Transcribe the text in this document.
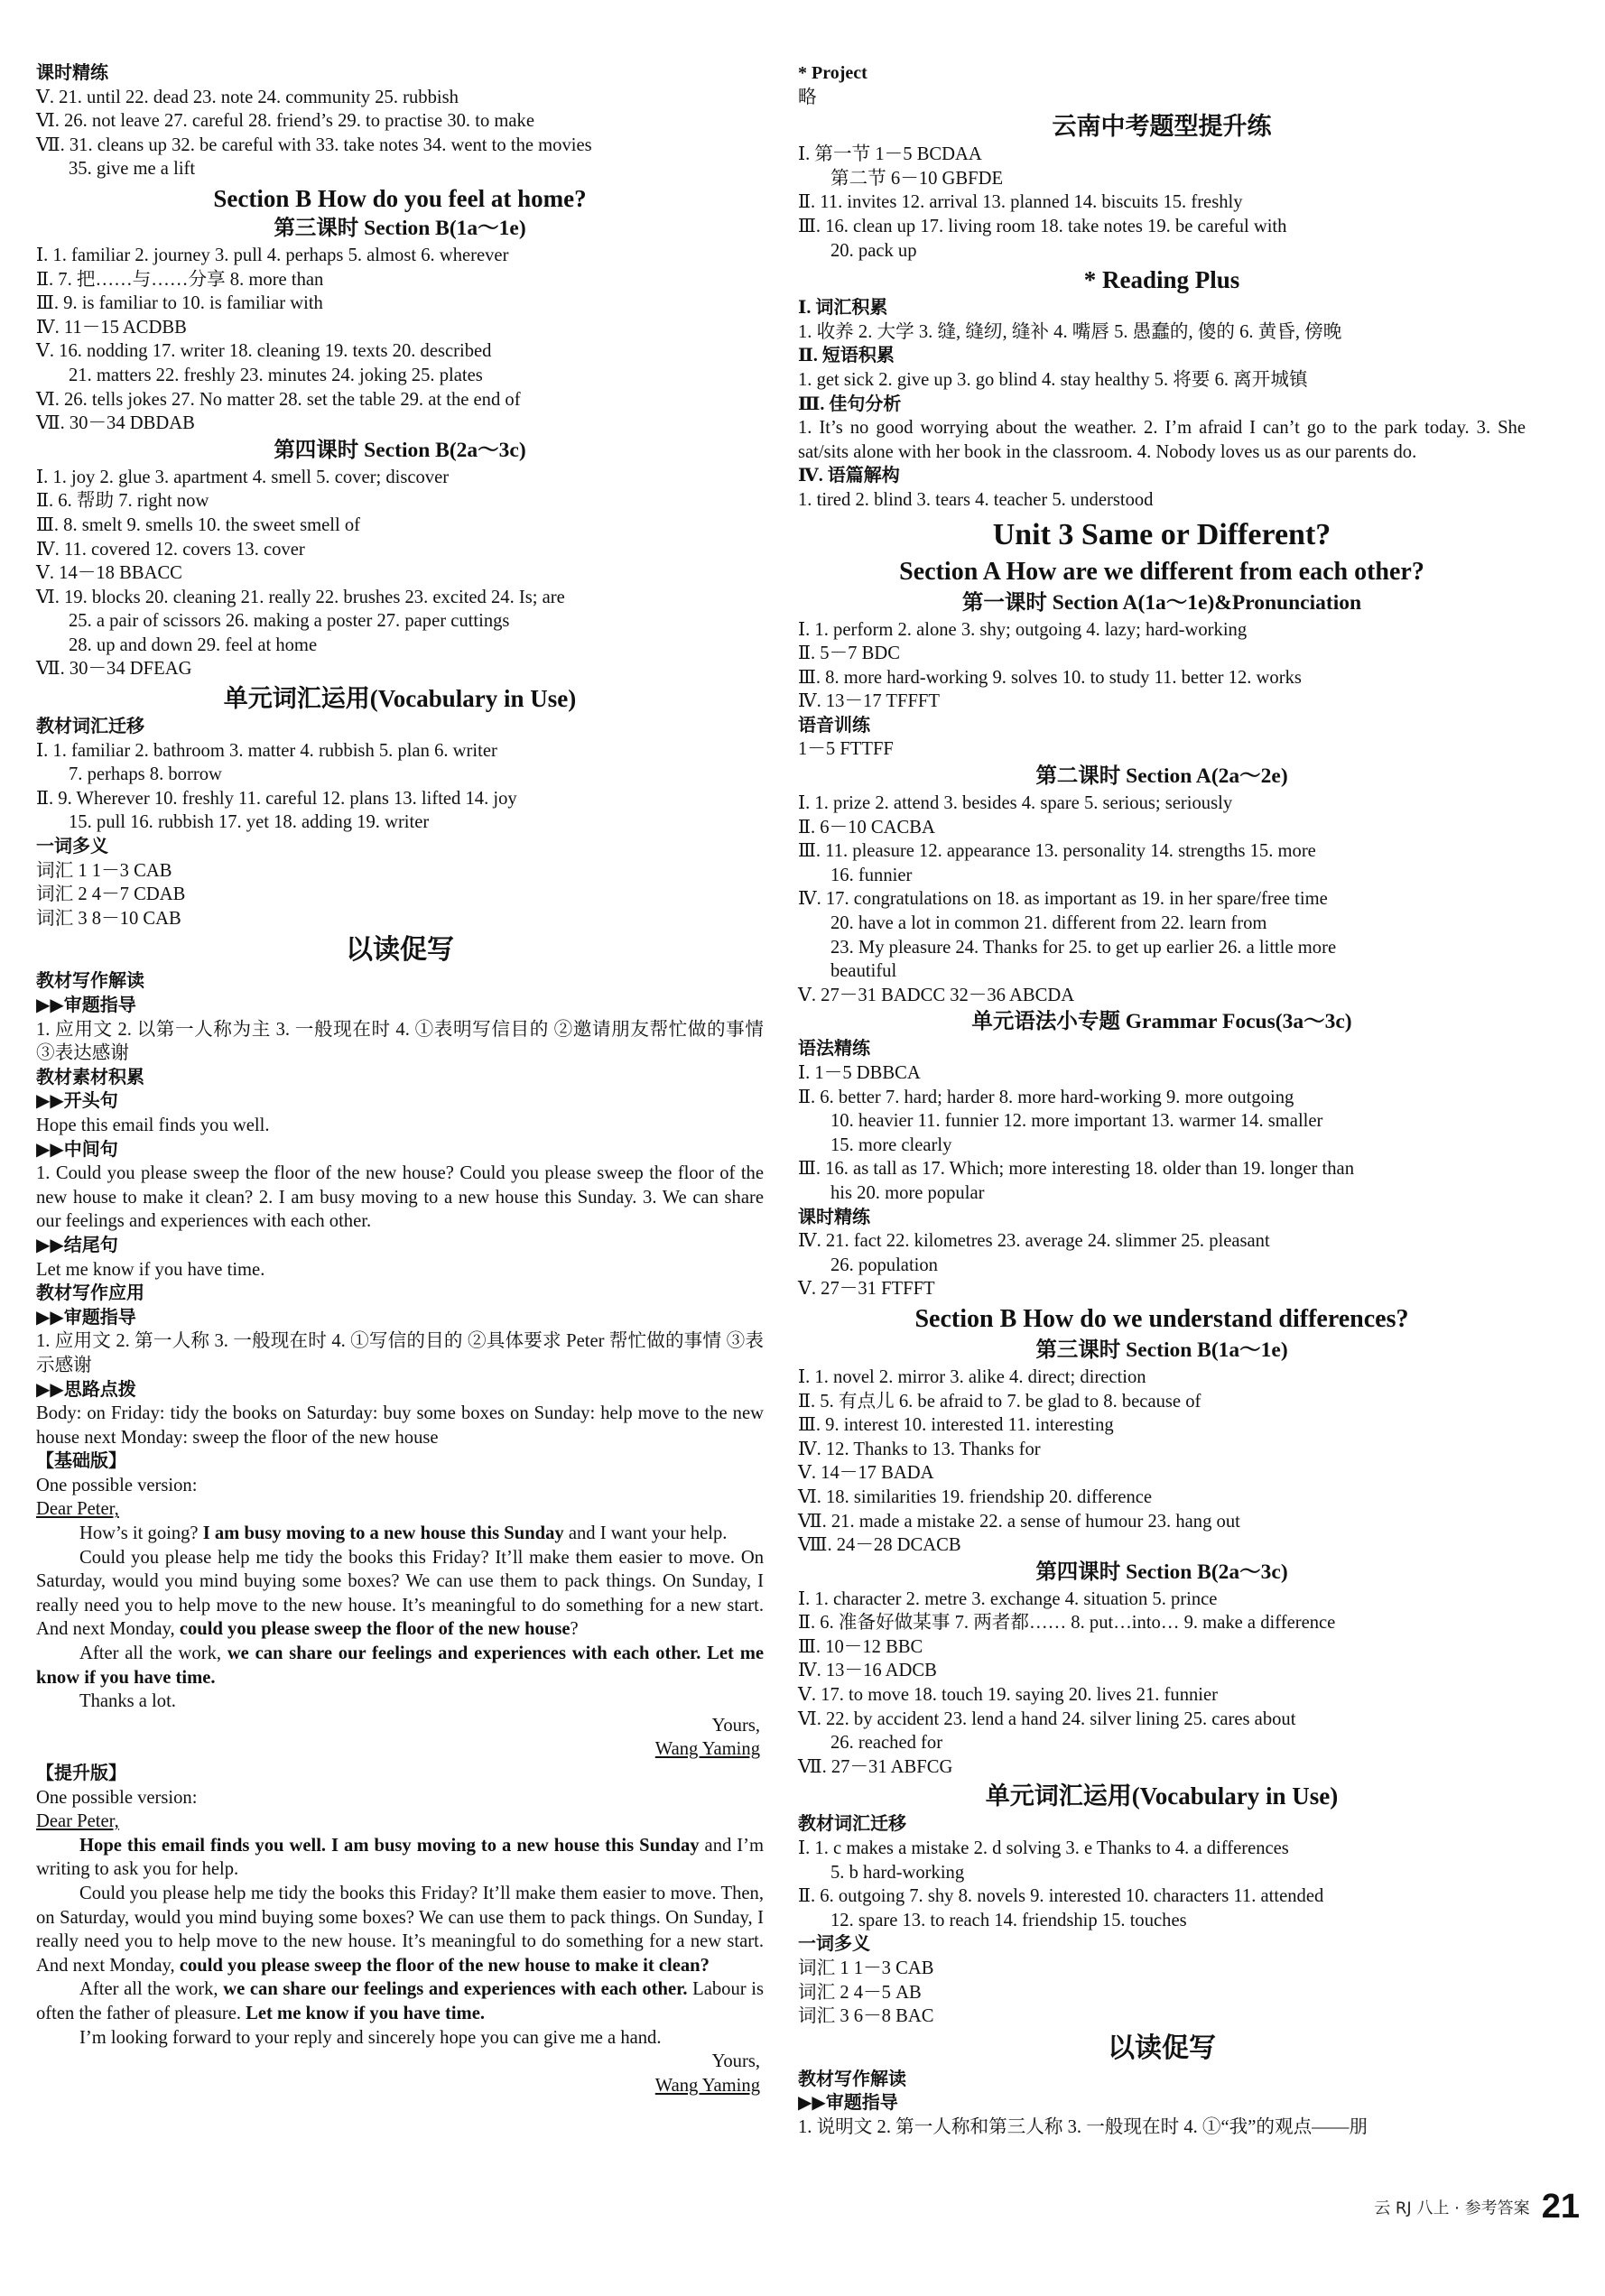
课时精练
Ⅴ. 21. until 22. dead 23. note 24. community 25. rubbish
Ⅵ. 26. not leave 27. careful 28. friend’s 29. to practise 30. to make
Ⅶ. 31. cleans up 32. be careful with 33. take notes 34. went to the movies
35. give me a lift
Section B How do you feel at home?
第三课时 Section B(1a～1e)
Ⅰ. 1. familiar 2. journey 3. pull 4. perhaps 5. almost 6. wherever
Ⅱ. 7. 把……与……分享 8. more than
Ⅲ. 9. is familiar to 10. is familiar with
Ⅳ. 11－15 ACDBB
Ⅴ. 16. nodding 17. writer 18. cleaning 19. texts 20. described
21. matters 22. freshly 23. minutes 24. joking 25. plates
Ⅵ. 26. tells jokes 27. No matter 28. set the table 29. at the end of
Ⅶ. 30－34 DBDAB
第四课时 Section B(2a～3c)
Ⅰ. 1. joy 2. glue 3. apartment 4. smell 5. cover; discover
Ⅱ. 6. 帮助 7. right now
Ⅲ. 8. smelt 9. smells 10. the sweet smell of
Ⅳ. 11. covered 12. covers 13. cover
Ⅴ. 14－18 BBACC
Ⅵ. 19. blocks 20. cleaning 21. really 22. brushes 23. excited 24. Is; are
25. a pair of scissors 26. making a poster 27. paper cuttings
28. up and down 29. feel at home
Ⅶ. 30－34 DFEAG
单元词汇运用(Vocabulary in Use)
教材词汇迁移
Ⅰ. 1. familiar 2. bathroom 3. matter 4. rubbish 5. plan 6. writer
7. perhaps 8. borrow
Ⅱ. 9. Wherever 10. freshly 11. careful 12. plans 13. lifted 14. joy
15. pull 16. rubbish 17. yet 18. adding 19. writer
一词多义
词汇 1 1－3 CAB
词汇 2 4－7 CDAB
词汇 3 8－10 CAB
以读促写
教材写作解读
▶▶审题指导
1. 应用文 2. 以第一人称为主 3. 一般现在时 4. ①表明写信目的 ②邀请朋友帮忙做的事情 ③表达感谢
教材素材积累
▶▶开头句
Hope this email finds you well.
▶▶中间句
1. Could you please sweep the floor of the new house? Could you please sweep the floor of the new house to make it clean? 2. I am busy moving to a new house this Sunday. 3. We can share our feelings and experiences with each other.
▶▶结尾句
Let me know if you have time.
教材写作应用
▶▶审题指导
1. 应用文 2. 第一人称 3. 一般现在时 4. ①写信的目的 ②具体要求 Peter 帮忙做的事情 ③表示感谢
▶▶思路点拨
Body: on Friday: tidy the books on Saturday: buy some boxes on Sunday: help move to the new house next Monday: sweep the floor of the new house
【基础版】
One possible version:
Dear Peter,
How’s it going? I am busy moving to a new house this Sunday and I want your help.
Could you please help me tidy the books this Friday? It’ll make them easier to move. On Saturday, would you mind buying some boxes? We can use them to pack things. On Sunday, I really need you to help move to the new house. It’s meaningful to do something for a new start. And next Monday, could you please sweep the floor of the new house?
After all the work, we can share our feelings and experiences with each other. Let me know if you have time.
Thanks a lot.
Yours,
Wang Yaming
【提升版】
One possible version:
Dear Peter,
Hope this email finds you well. I am busy moving to a new house this Sunday and I’m writing to ask you for help.
Could you please help me tidy the books this Friday? It’ll make them easier to move. Then, on Saturday, would you mind buying some boxes? We can use them to pack things. On Sunday, I really need you to help move to the new house. It’s meaningful to do something for a new start. And next Monday, could you please sweep the floor of the new house to make it clean?
After all the work, we can share our feelings and experiences with each other. Labour is often the father of pleasure. Let me know if you have time.
I’m looking forward to your reply and sincerely hope you can give me a hand.
Yours,
Wang Yaming
* Project
略
云南中考题型提升练
Ⅰ. 第一节 1－5 BCDAA
第二节 6－10 GBFDE
Ⅱ. 11. invites 12. arrival 13. planned 14. biscuits 15. freshly
Ⅲ. 16. clean up 17. living room 18. take notes 19. be careful with
20. pack up
* Reading Plus
Ⅰ. 词汇积累
1. 收养 2. 大学 3. 缝, 缝纫, 缝补 4. 嘴唇 5. 愚蠢的, 傻的 6. 黄昏, 傍晚
Ⅱ. 短语积累
1. get sick 2. give up 3. go blind 4. stay healthy 5. 将要 6. 离开城镇
Ⅲ. 佳句分析
1. It’s no good worrying about the weather. 2. I’m afraid I can’t go to the park today. 3. She sat/sits alone with her book in the classroom. 4. Nobody loves us as our parents do.
Ⅳ. 语篇解构
1. tired 2. blind 3. tears 4. teacher 5. understood
Unit 3 Same or Different?
Section A How are we different from each other?
第一课时 Section A(1a～1e)&Pronunciation
Ⅰ. 1. perform 2. alone 3. shy; outgoing 4. lazy; hard-working
Ⅱ. 5－7 BDC
Ⅲ. 8. more hard-working 9. solves 10. to study 11. better 12. works
Ⅳ. 13－17 TFFFT
语音训练
1－5 FTTFF
第二课时 Section A(2a～2e)
Ⅰ. 1. prize 2. attend 3. besides 4. spare 5. serious; seriously
Ⅱ. 6－10 CACBA
Ⅲ. 11. pleasure 12. appearance 13. personality 14. strengths 15. more
16. funnier
Ⅳ. 17. congratulations on 18. as important as 19. in her spare/free time
20. have a lot in common 21. different from 22. learn from
23. My pleasure 24. Thanks for 25. to get up earlier 26. a little more
beautiful
Ⅴ. 27－31 BADCC 32－36 ABCDA
单元语法小专题 Grammar Focus(3a～3c)
语法精练
Ⅰ. 1－5 DBBCA
Ⅱ. 6. better 7. hard; harder 8. more hard-working 9. more outgoing
10. heavier 11. funnier 12. more important 13. warmer 14. smaller
15. more clearly
Ⅲ. 16. as tall as 17. Which; more interesting 18. older than 19. longer than
his 20. more popular
课时精练
Ⅳ. 21. fact 22. kilometres 23. average 24. slimmer 25. pleasant
26. population
Ⅴ. 27－31 FTFFT
Section B How do we understand differences?
第三课时 Section B(1a～1e)
Ⅰ. 1. novel 2. mirror 3. alike 4. direct; direction
Ⅱ. 5. 有点儿 6. be afraid to 7. be glad to 8. because of
Ⅲ. 9. interest 10. interested 11. interesting
Ⅳ. 12. Thanks to 13. Thanks for
Ⅴ. 14－17 BADA
Ⅵ. 18. similarities 19. friendship 20. difference
Ⅶ. 21. made a mistake 22. a sense of humour 23. hang out
Ⅷ. 24－28 DCACB
第四课时 Section B(2a～3c)
Ⅰ. 1. character 2. metre 3. exchange 4. situation 5. prince
Ⅱ. 6. 准备好做某事 7. 两者都…… 8. put…into… 9. make a difference
Ⅲ. 10－12 BBC
Ⅳ. 13－16 ADCB
Ⅴ. 17. to move 18. touch 19. saying 20. lives 21. funnier
Ⅵ. 22. by accident 23. lend a hand 24. silver lining 25. cares about
26. reached for
Ⅶ. 27－31 ABFCG
单元词汇运用(Vocabulary in Use)
教材词汇迁移
Ⅰ. 1. c makes a mistake 2. d solving 3. e Thanks to 4. a differences
5. b hard-working
Ⅱ. 6. outgoing 7. shy 8. novels 9. interested 10. characters 11. attended
12. spare 13. to reach 14. friendship 15. touches
一词多义
词汇 1 1－3 CAB
词汇 2 4－5 AB
词汇 3 6－8 BAC
以读促写
教材写作解读
▶▶审题指导
1. 说明文 2. 第一人称和第三人称 3. 一般现在时 4. ①“我”的观点——朋
云 RJ 八上 · 参考答案 21
